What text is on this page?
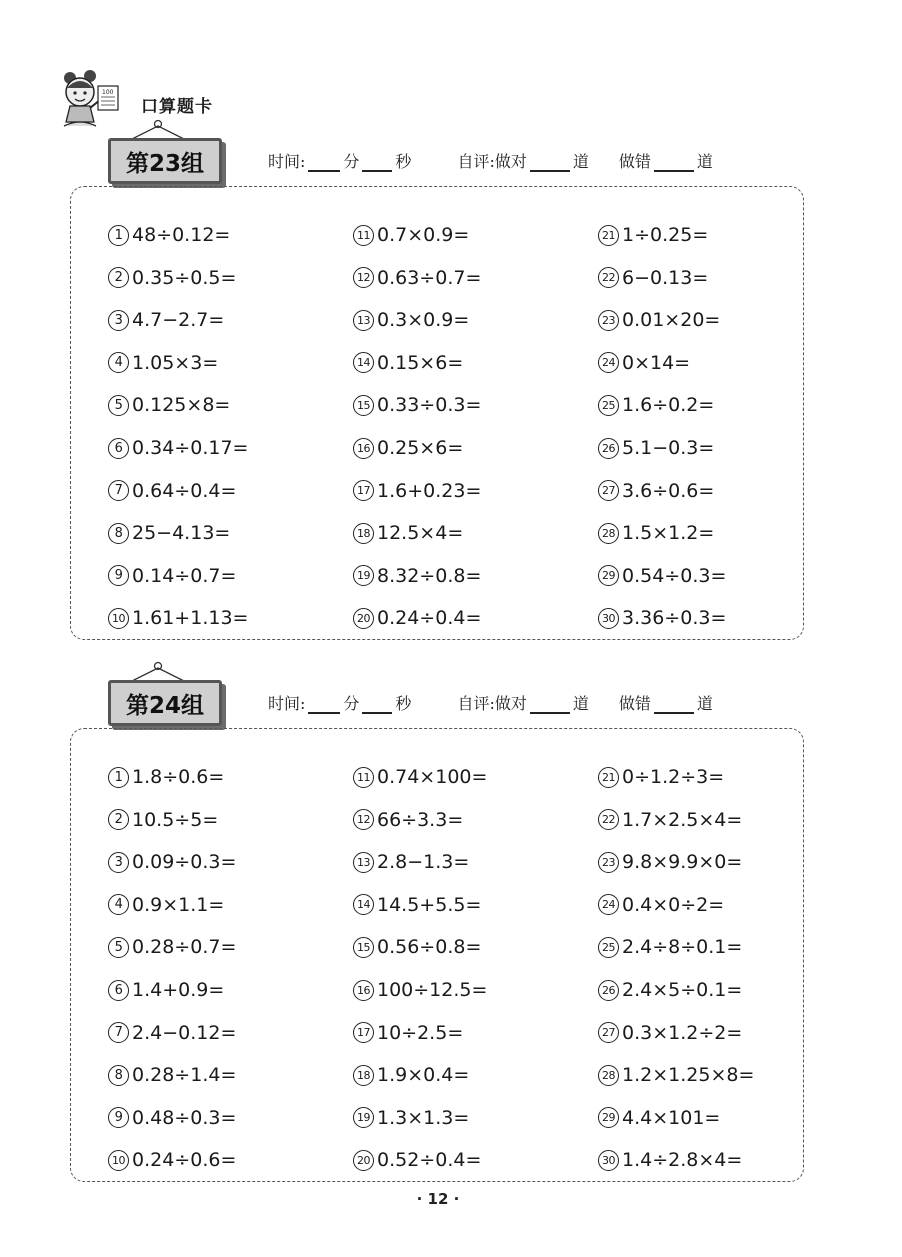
100
口算题卡
第23组	时间: 分 秒	自评:做对	道 做错	道
1 48÷0.12=
2 0.35÷0.5=
3 4.7−2.7=
4 1.05×3=
5 0.125×8=
6 0.34÷0.17=
7 0.64÷0.4=
8 25−4.13=
9 0.14÷0.7=
10 1.61+1.13=
11 0.7×0.9=
12 0.63÷0.7=
13 0.3×0.9=
14 0.15×6=
15 0.33÷0.3=
16 0.25×6=
17 1.6+0.23=
18 12.5×4=
19 8.32÷0.8=
20 0.24÷0.4=
21 1÷0.25=
22 6−0.13=
23 0.01×20=
24 0×14=
25 1.6÷0.2=
26 5.1−0.3=
27 3.6÷0.6=
28 1.5×1.2=
29 0.54÷0.3=
30 3.36÷0.3=
第24组	时间: 分 秒	自评:做对	道 做错	道
1 1.8÷0.6=
2 10.5÷5=
3 0.09÷0.3=
4 0.9×1.1=
5 0.28÷0.7=
6 1.4+0.9=
7 2.4−0.12=
8 0.28÷1.4=
9 0.48÷0.3=
10 0.24÷0.6=
11 0.74×100=
12 66÷3.3=
13 2.8−1.3=
14 14.5+5.5=
15 0.56÷0.8=
16 100÷12.5=
17 10÷2.5=
18 1.9×0.4=
19 1.3×1.3=
20 0.52÷0.4=
21 0÷1.2÷3=
22 1.7×2.5×4=
23 9.8×9.9×0=
24 0.4×0÷2=
25 2.4÷8÷0.1=
26 2.4×5÷0.1=
27 0.3×1.2÷2=
28 1.2×1.25×8=
29 4.4×101=
30 1.4÷2.8×4=
· 12 ·
